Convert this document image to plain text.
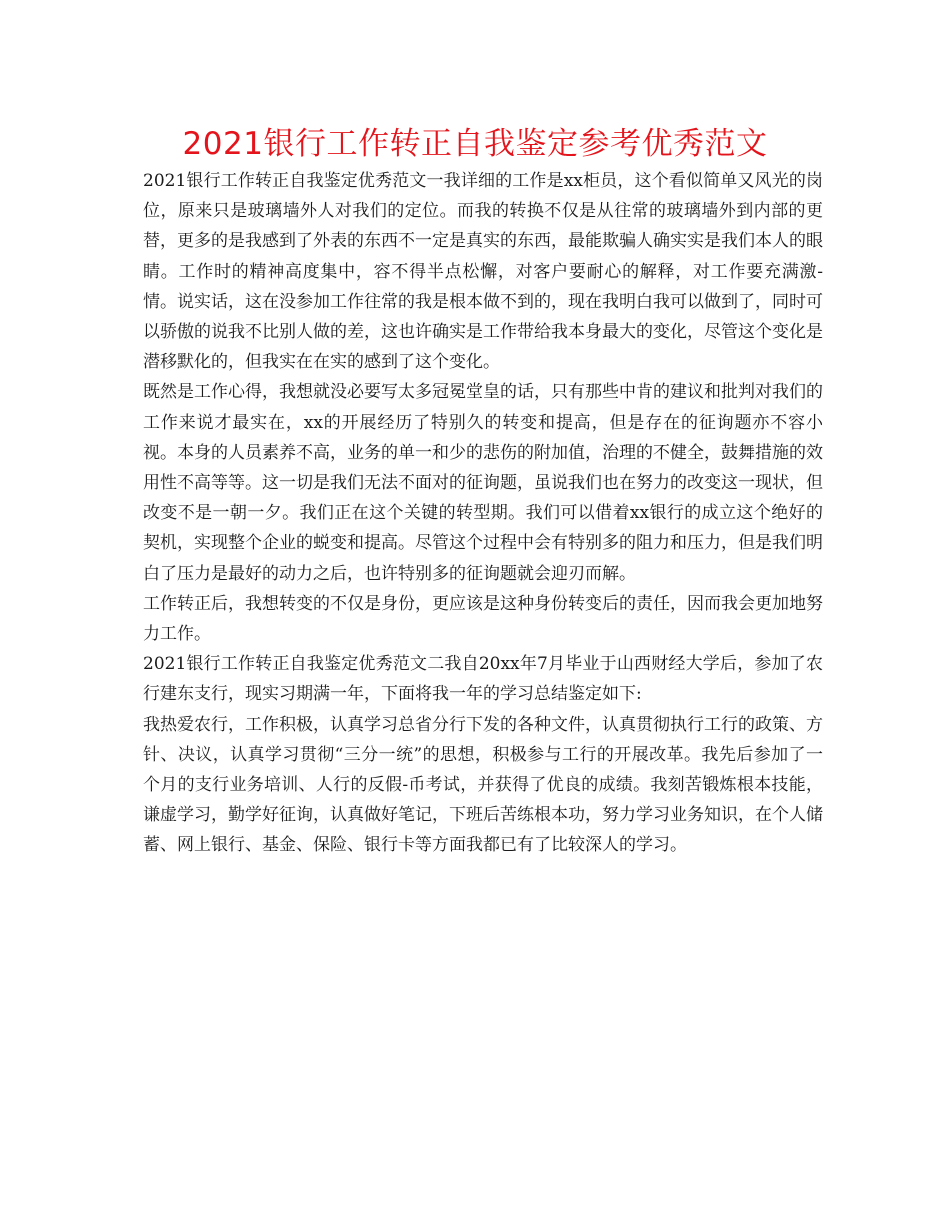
2021银行工作转正自我鉴定参考优秀范文

2021银行工作转正自我鉴定优秀范文一我详细的工作是xx柜员，这个看似简单又风光的岗位，原来只是玻璃墙外人对我们的定位。而我的转换不仅是从往常的玻璃墙外到内部的更替，更多的是我感到了外表的东西不一定是真实的东西，最能欺骗人确实实是我们本人的眼睛。工作时的精神高度集中，容不得半点松懈，对客户要耐心的解释，对工作要充满激-情。说实话，这在没参加工作往常的我是根本做不到的，现在我明白我可以做到了，同时可以骄傲的说我不比别人做的差，这也许确实是工作带给我本身最大的变化，尽管这个变化是潜移默化的，但我实在在实的感到了这个变化。

既然是工作心得，我想就没必要写太多冠冕堂皇的话，只有那些中肯的建议和批判对我们的工作来说才最实在，xx的开展经历了特别久的转变和提高，但是存在的征询题亦不容小视。本身的人员素养不高，业务的单一和少的悲伤的附加值，治理的不健全，鼓舞措施的效用性不高等等。这一切是我们无法不面对的征询题，虽说我们也在努力的改变这一现状，但改变不是一朝一夕。我们正在这个关键的转型期。我们可以借着xx银行的成立这个绝好的契机，实现整个企业的蜕变和提高。尽管这个过程中会有特别多的阻力和压力，但是我们明白了压力是最好的动力之后，也许特别多的征询题就会迎刃而解。

工作转正后，我想转变的不仅是身份，更应该是这种身份转变后的责任，因而我会更加地努力工作。

2021银行工作转正自我鉴定优秀范文二我自20xx年7月毕业于山西财经大学后，参加了农行建东支行，现实习期满一年，下面将我一年的学习总结鉴定如下:

我热爱农行，工作积极，认真学习总省分行下发的各种文件，认真贯彻执行工行的政策、方针、决议，认真学习贯彻“三分一统”的思想，积极参与工行的开展改革。我先后参加了一个月的支行业务培训、人行的反假-币考试，并获得了优良的成绩。我刻苦锻炼根本技能，谦虚学习，勤学好征询，认真做好笔记，下班后苦练根本功，努力学习业务知识，在个人储蓄、网上银行、基金、保险、银行卡等方面我都已有了比较深人的学习。
